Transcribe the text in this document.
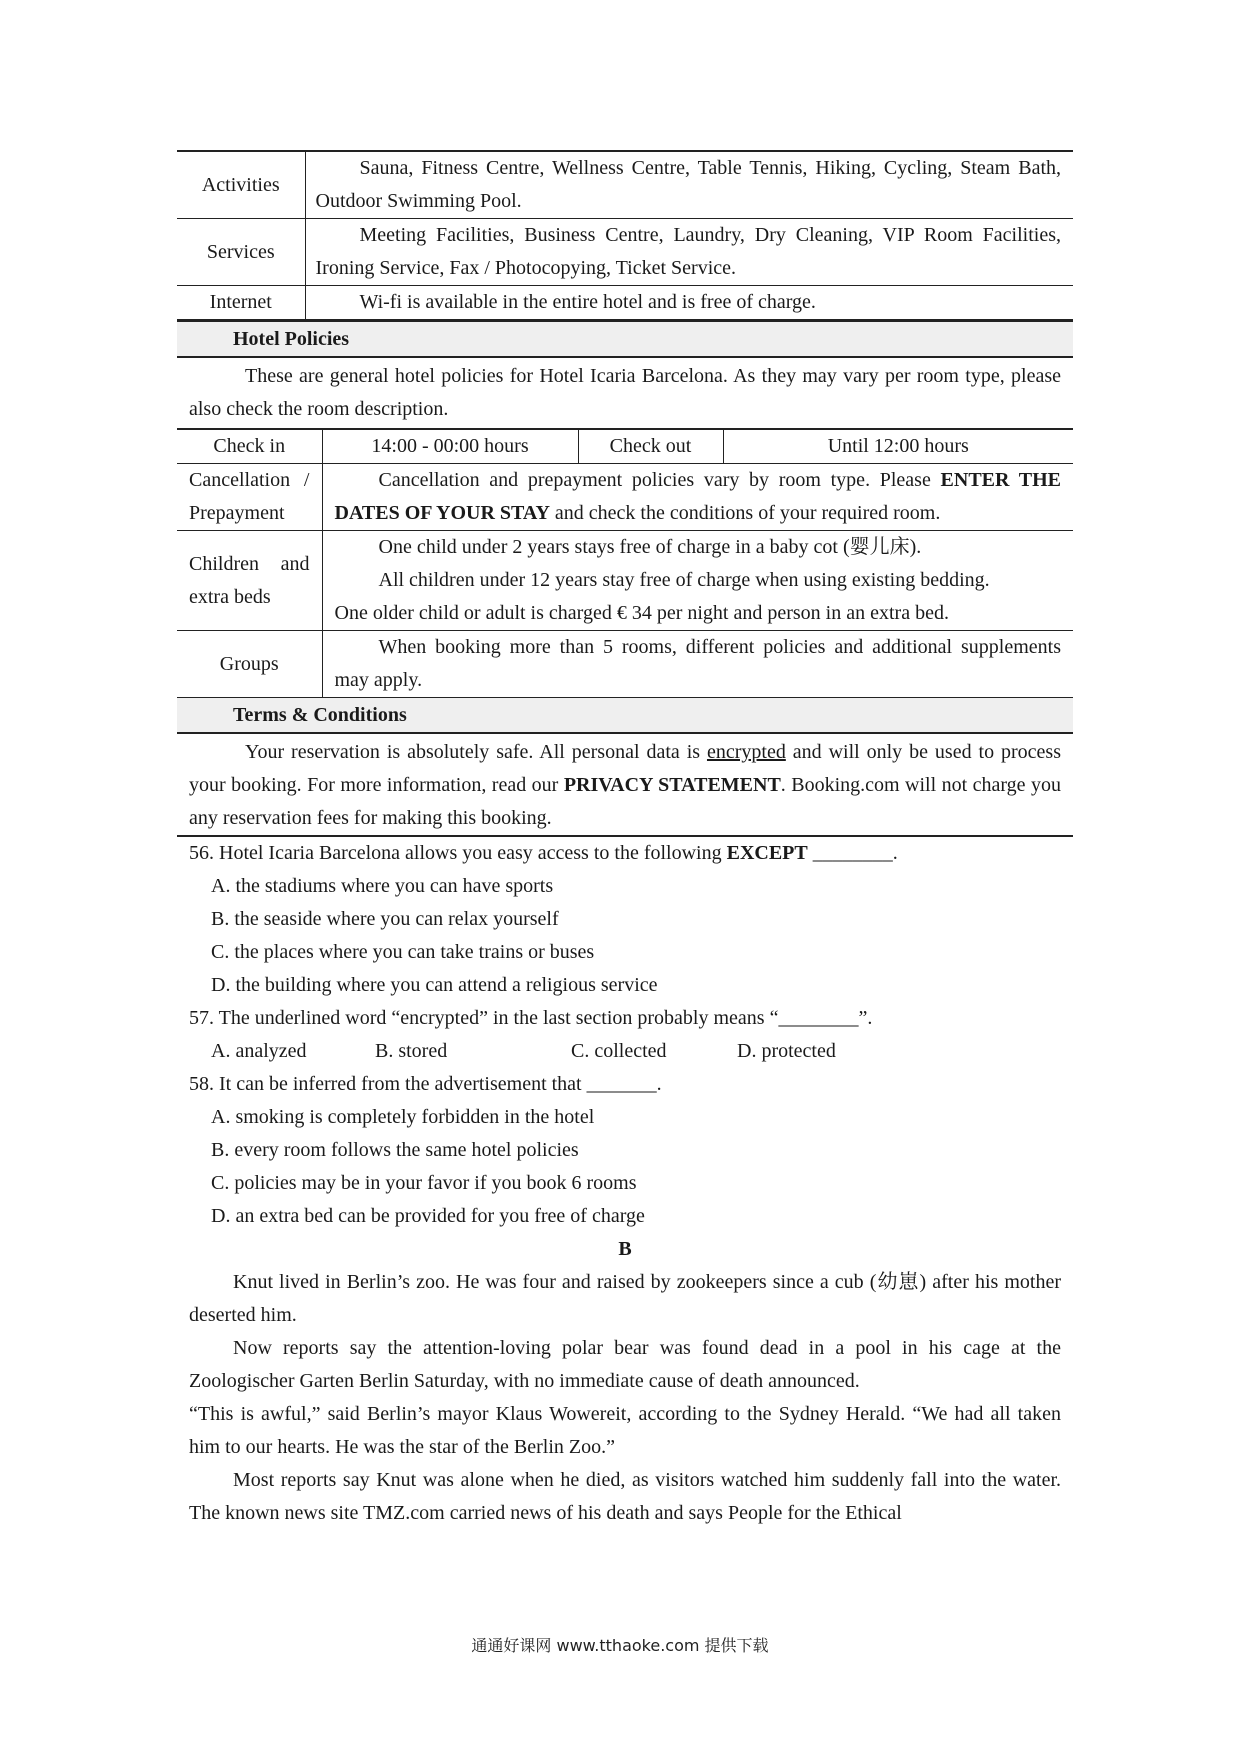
Activities	Sauna, Fitness Centre, Wellness Centre, Table Tennis, Hiking, Cycling, Steam Bath, Outdoor Swimming Pool.
Services	Meeting Facilities, Business Centre, Laundry, Dry Cleaning, VIP Room Facilities, Ironing Service, Fax / Photocopying, Ticket Service.
Internet	Wi-fi is available in the entire hotel and is free of charge.
Hotel Policies
These are general hotel policies for Hotel Icaria Barcelona. As they may vary per room type, please also check the room description.
Check in	14:00 - 00:00 hours	Check out	Until 12:00 hours
Cancellation / Prepayment	Cancellation and prepayment policies vary by room type. Please ENTER THE DATES OF YOUR STAY and check the conditions of your required room.		

Children and extra beds	One child under 2 years stays free of charge in a baby cot (婴儿床).
All children under 12 years stay free of charge when using existing bedding.
One older child or adult is charged € 34 per night and person in an extra bed.		

Groups	When booking more than 5 rooms, different policies and additional supplements may apply.		
Terms & Conditions
Your reservation is absolutely safe. All personal data is encrypted and will only be used to process your booking. For more information, read our PRIVACY STATEMENT. Booking.com will not charge you any reservation fees for making this booking.
56. Hotel Icaria Barcelona allows you easy access to the following EXCEPT ________.
A. the stadiums where you can have sports
B. the seaside where you can relax yourself
C. the places where you can take trains or buses
D. the building where you can attend a religious service
57. The underlined word “encrypted” in the last section probably means “________”.
A. analyzed	B. stored	C. collected	D. protected
58. It can be inferred from the advertisement that _______.
A. smoking is completely forbidden in the hotel
B. every room follows the same hotel policies
C. policies may be in your favor if you book 6 rooms
D. an extra bed can be provided for you free of charge
B

Knut lived in Berlin’s zoo. He was four and raised by zookeepers since a cub (幼崽) after his mother deserted him.

Now reports say the attention-loving polar bear was found dead in a pool in his cage at the Zoologischer Garten Berlin Saturday, with no immediate cause of death announced.

“This is awful,” said Berlin’s mayor Klaus Wowereit, according to the Sydney Herald. “We had all taken him to our hearts. He was the star of the Berlin Zoo.”

Most reports say Knut was alone when he died, as visitors watched him suddenly fall into the water. The known news site TMZ.com carried news of his death and says People for the Ethical

通通好课网 www.tthaoke.com 提供下载
